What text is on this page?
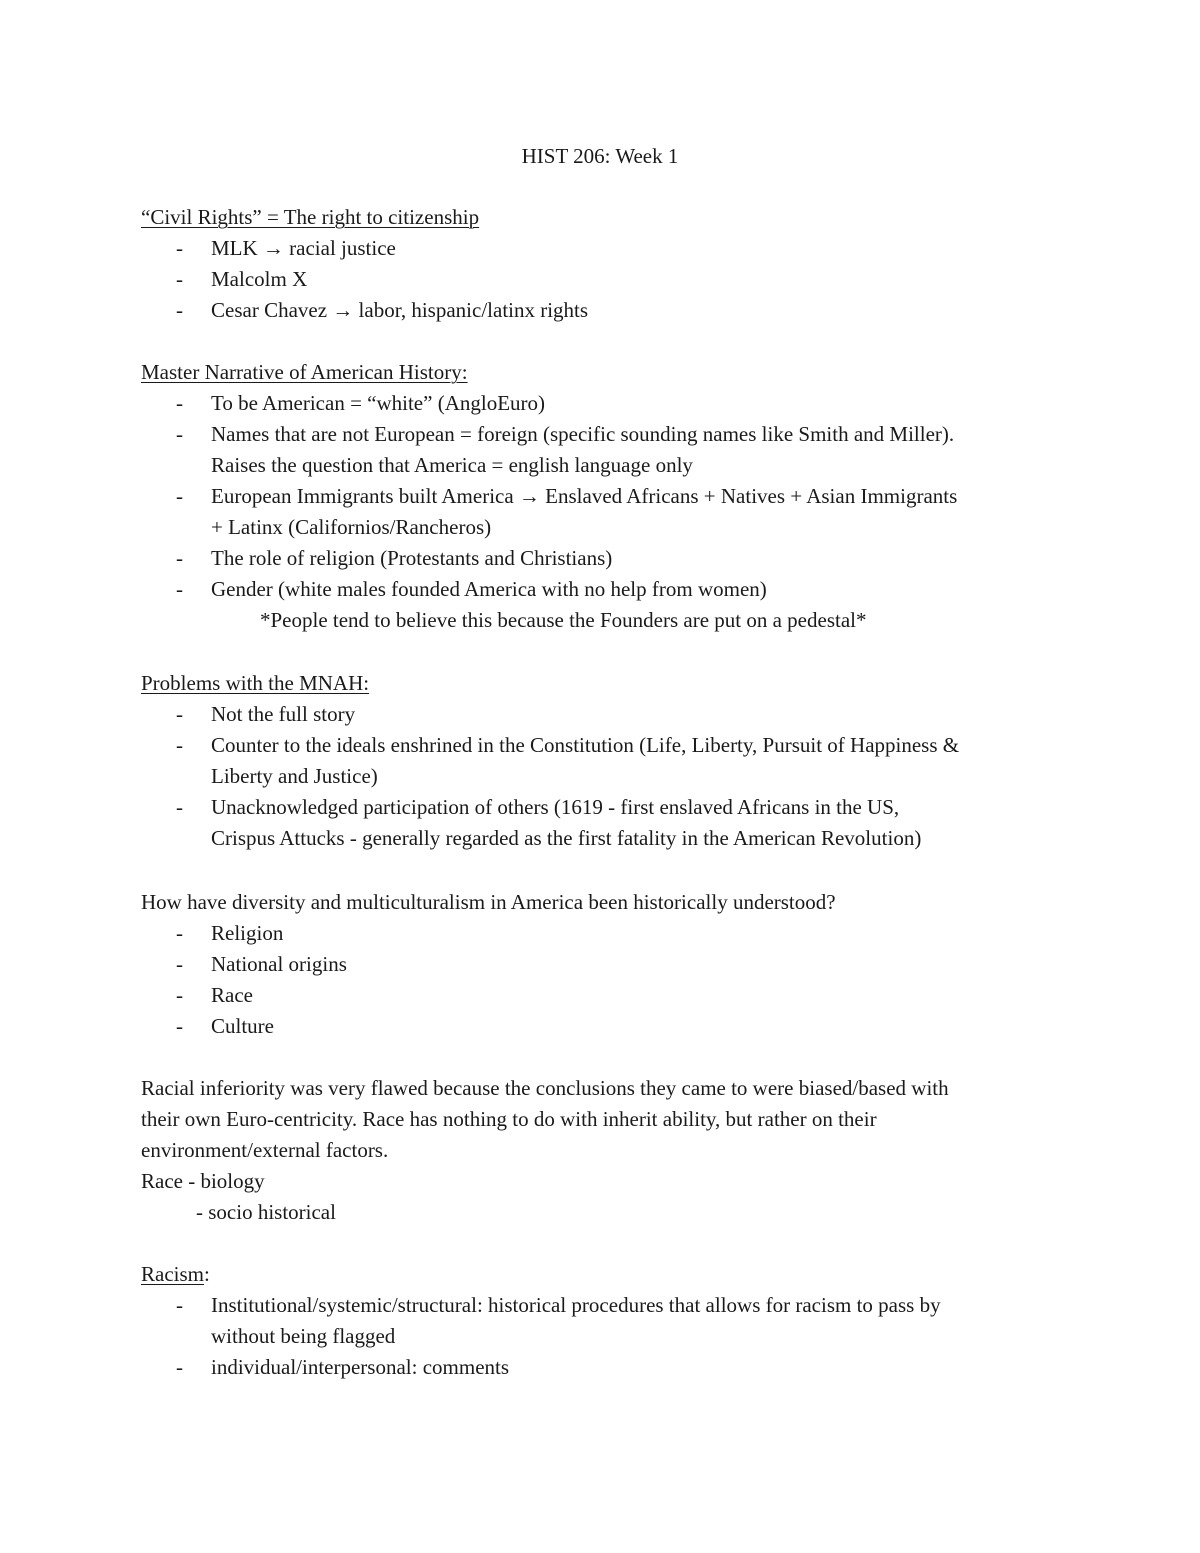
HIST 206: Week 1
“Civil Rights” = The right to citizenship
- MLK → racial justice
- Malcolm X
- Cesar Chavez → labor, hispanic/latinx rights
Master Narrative of American History:
- To be American = “white” (AngloEuro)
- Names that are not European = foreign (specific sounding names like Smith and Miller).
Raises the question that America = english language only
- European Immigrants built America → Enslaved Africans + Natives + Asian Immigrants
+ Latinx (Californios/Rancheros)
- The role of religion (Protestants and Christians)
- Gender (white males founded America with no help from women)
*People tend to believe this because the Founders are put on a pedestal*
Problems with the MNAH:
- Not the full story
- Counter to the ideals enshrined in the Constitution (Life, Liberty, Pursuit of Happiness &
Liberty and Justice)
- Unacknowledged participation of others (1619 - first enslaved Africans in the US,
Crispus Attucks - generally regarded as the first fatality in the American Revolution)
How have diversity and multiculturalism in America been historically understood?
- Religion
- National origins
- Race
- Culture
Racial inferiority was very flawed because the conclusions they came to were biased/based with
their own Euro-centricity. Race has nothing to do with inherit ability, but rather on their
environment/external factors.
Race - biology
- socio historical
Racism:
- Institutional/systemic/structural: historical procedures that allows for racism to pass by
without being flagged
- individual/interpersonal: comments
